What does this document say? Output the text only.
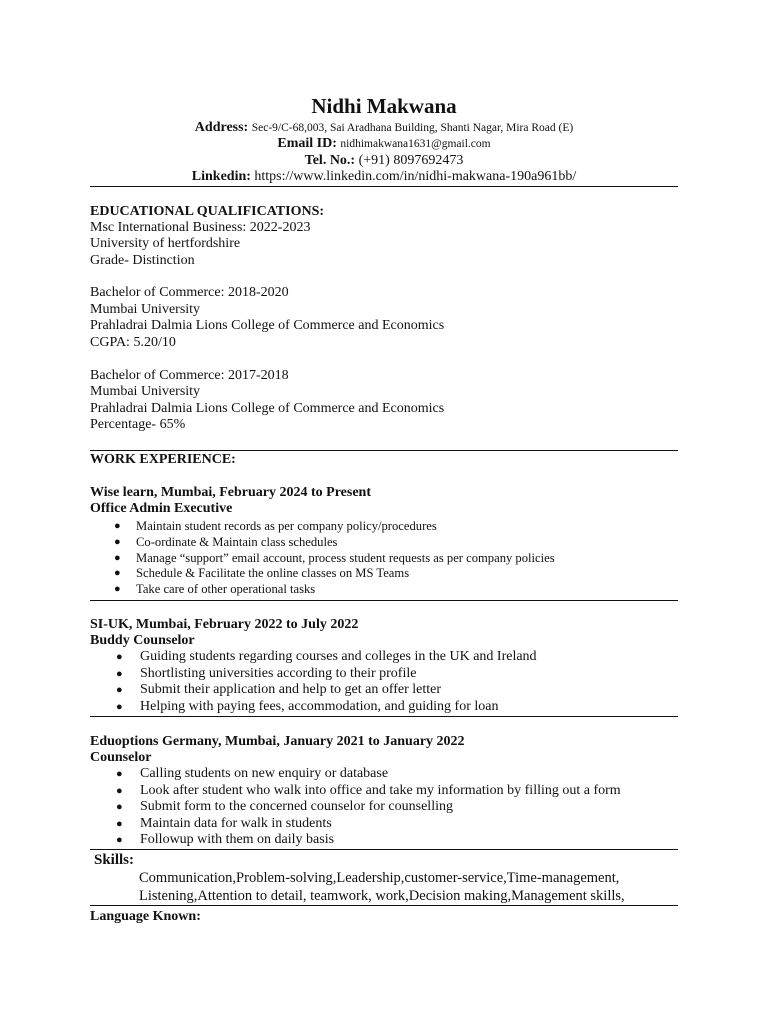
Nidhi Makwana
Address: Sec-9/C-68,003, Sai Aradhana Building, Shanti Nagar, Mira Road (E)
Email ID: nidhimakwana1631@gmail.com
Tel. No.: (+91) 8097692473
Linkedin: https://www.linkedin.com/in/nidhi-makwana-190a961bb/
EDUCATIONAL QUALIFICATIONS:
Msc International Business: 2022-2023
University of hertfordshire
Grade- Distinction
Bachelor of Commerce: 2018-2020
Mumbai University
Prahladrai Dalmia Lions College of Commerce and Economics
CGPA: 5.20/10
Bachelor of Commerce: 2017-2018
Mumbai University
Prahladrai Dalmia Lions College of Commerce and Economics
Percentage- 65%
WORK EXPERIENCE:
Wise learn, Mumbai, February 2024 to Present
Office Admin Executive
● Maintain student records as per company policy/procedures
● Co-ordinate & Maintain class schedules
● Manage “support” email account, process student requests as per company policies
● Schedule & Facilitate the online classes on MS Teams
● Take care of other operational tasks
SI-UK, Mumbai, February 2022 to July 2022
Buddy Counselor
● Guiding students regarding courses and colleges in the UK and Ireland
● Shortlisting universities according to their profile
● Submit their application and help to get an offer letter
● Helping with paying fees, accommodation, and guiding for loan
Eduoptions Germany, Mumbai, January 2021 to January 2022
Counselor
● Calling students on new enquiry or database
● Look after student who walk into office and take my information by filling out a form
● Submit form to the concerned counselor for counselling
● Maintain data for walk in students
● Followup with them on daily basis
Skills:
Communication,Problem-solving,Leadership,customer-service,Time-management,
Listening,Attention to detail, teamwork, work,Decision making,Management skills,
Language Known:
